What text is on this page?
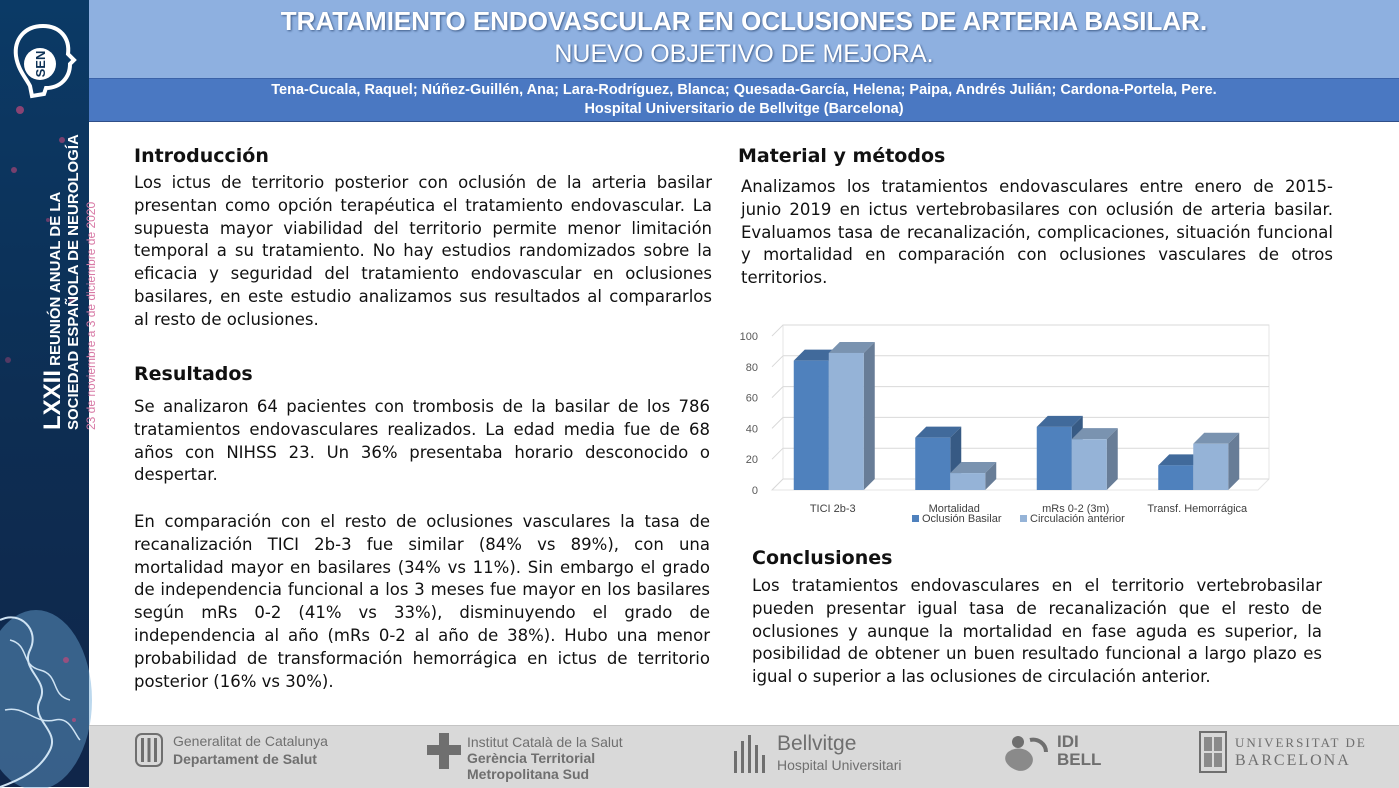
SEN
LXXII REUNIÓN ANUAL DE LA SOCIEDAD ESPAÑOLA DE NEUROLOGÍA 23 de noviembre a 3 de diciembre de 2020
TRATAMIENTO ENDOVASCULAR EN OCLUSIONES DE ARTERIA BASILAR.
NUEVO OBJETIVO DE MEJORA.
Tena-Cucala, Raquel; Núñez-Guillén, Ana; Lara-Rodríguez, Blanca; Quesada-García, Helena; Paipa, Andrés Julián; Cardona-Portela, Pere.
Hospital Universitario de Bellvitge (Barcelona)
Introducción
Los ictus de territorio posterior con oclusión de la arteria basilar presentan como opción terapéutica el tratamiento endovascular. La supuesta mayor viabilidad del territorio permite menor limitación temporal a su tratamiento. No hay estudios randomizados sobre la eficacia y seguridad del tratamiento endovascular en oclusiones basilares, en este estudio analizamos sus resultados al compararlos al resto de oclusiones.
Resultados
Se analizaron 64 pacientes con trombosis de la basilar de los 786 tratamientos endovasculares realizados. La edad media fue de 68 años con NIHSS 23. Un 36% presentaba horario desconocido o despertar.
En comparación con el resto de oclusiones vasculares la tasa de recanalización TICI 2b-3 fue similar (84% vs 89%), con una mortalidad mayor en basilares (34% vs 11%). Sin embargo el grado de independencia funcional a los 3 meses fue mayor en los basilares según mRs 0-2 (41% vs 33%), disminuyendo el grado de independencia al año (mRs 0-2 al año de 38%). Hubo una menor probabilidad de transformación hemorrágica en ictus de territorio posterior (16% vs 30%).
Material y métodos
Analizamos los tratamientos endovasculares entre enero de 2015- junio 2019 en ictus vertebrobasilares con oclusión de arteria basilar. Evaluamos tasa de recanalización, complicaciones, situación funcional y mortalidad en comparación con oclusiones vasculares de otros territorios.
0
20
40
60
80
100
TICI 2b-3	Mortalidad	mRs 0-2 (3m)	Transf. Hemorrágica
Oclusión Basilar	Circulación anterior
Conclusiones
Los tratamientos endovasculares en el territorio vertebrobasilar pueden presentar igual tasa de recanalización que el resto de oclusiones y aunque la mortalidad en fase aguda es superior, la posibilidad de obtener un buen resultado funcional a largo plazo es igual o superior a las oclusiones de circulación anterior.
Generalitat de Catalunya
Departament de Salut
Institut Català de la Salut
Gerència Territorial
Metropolitana Sud
Bellvitge
Hospital Universitari
IDI
BELL
UNIVERSITAT DE
BARCELONA
